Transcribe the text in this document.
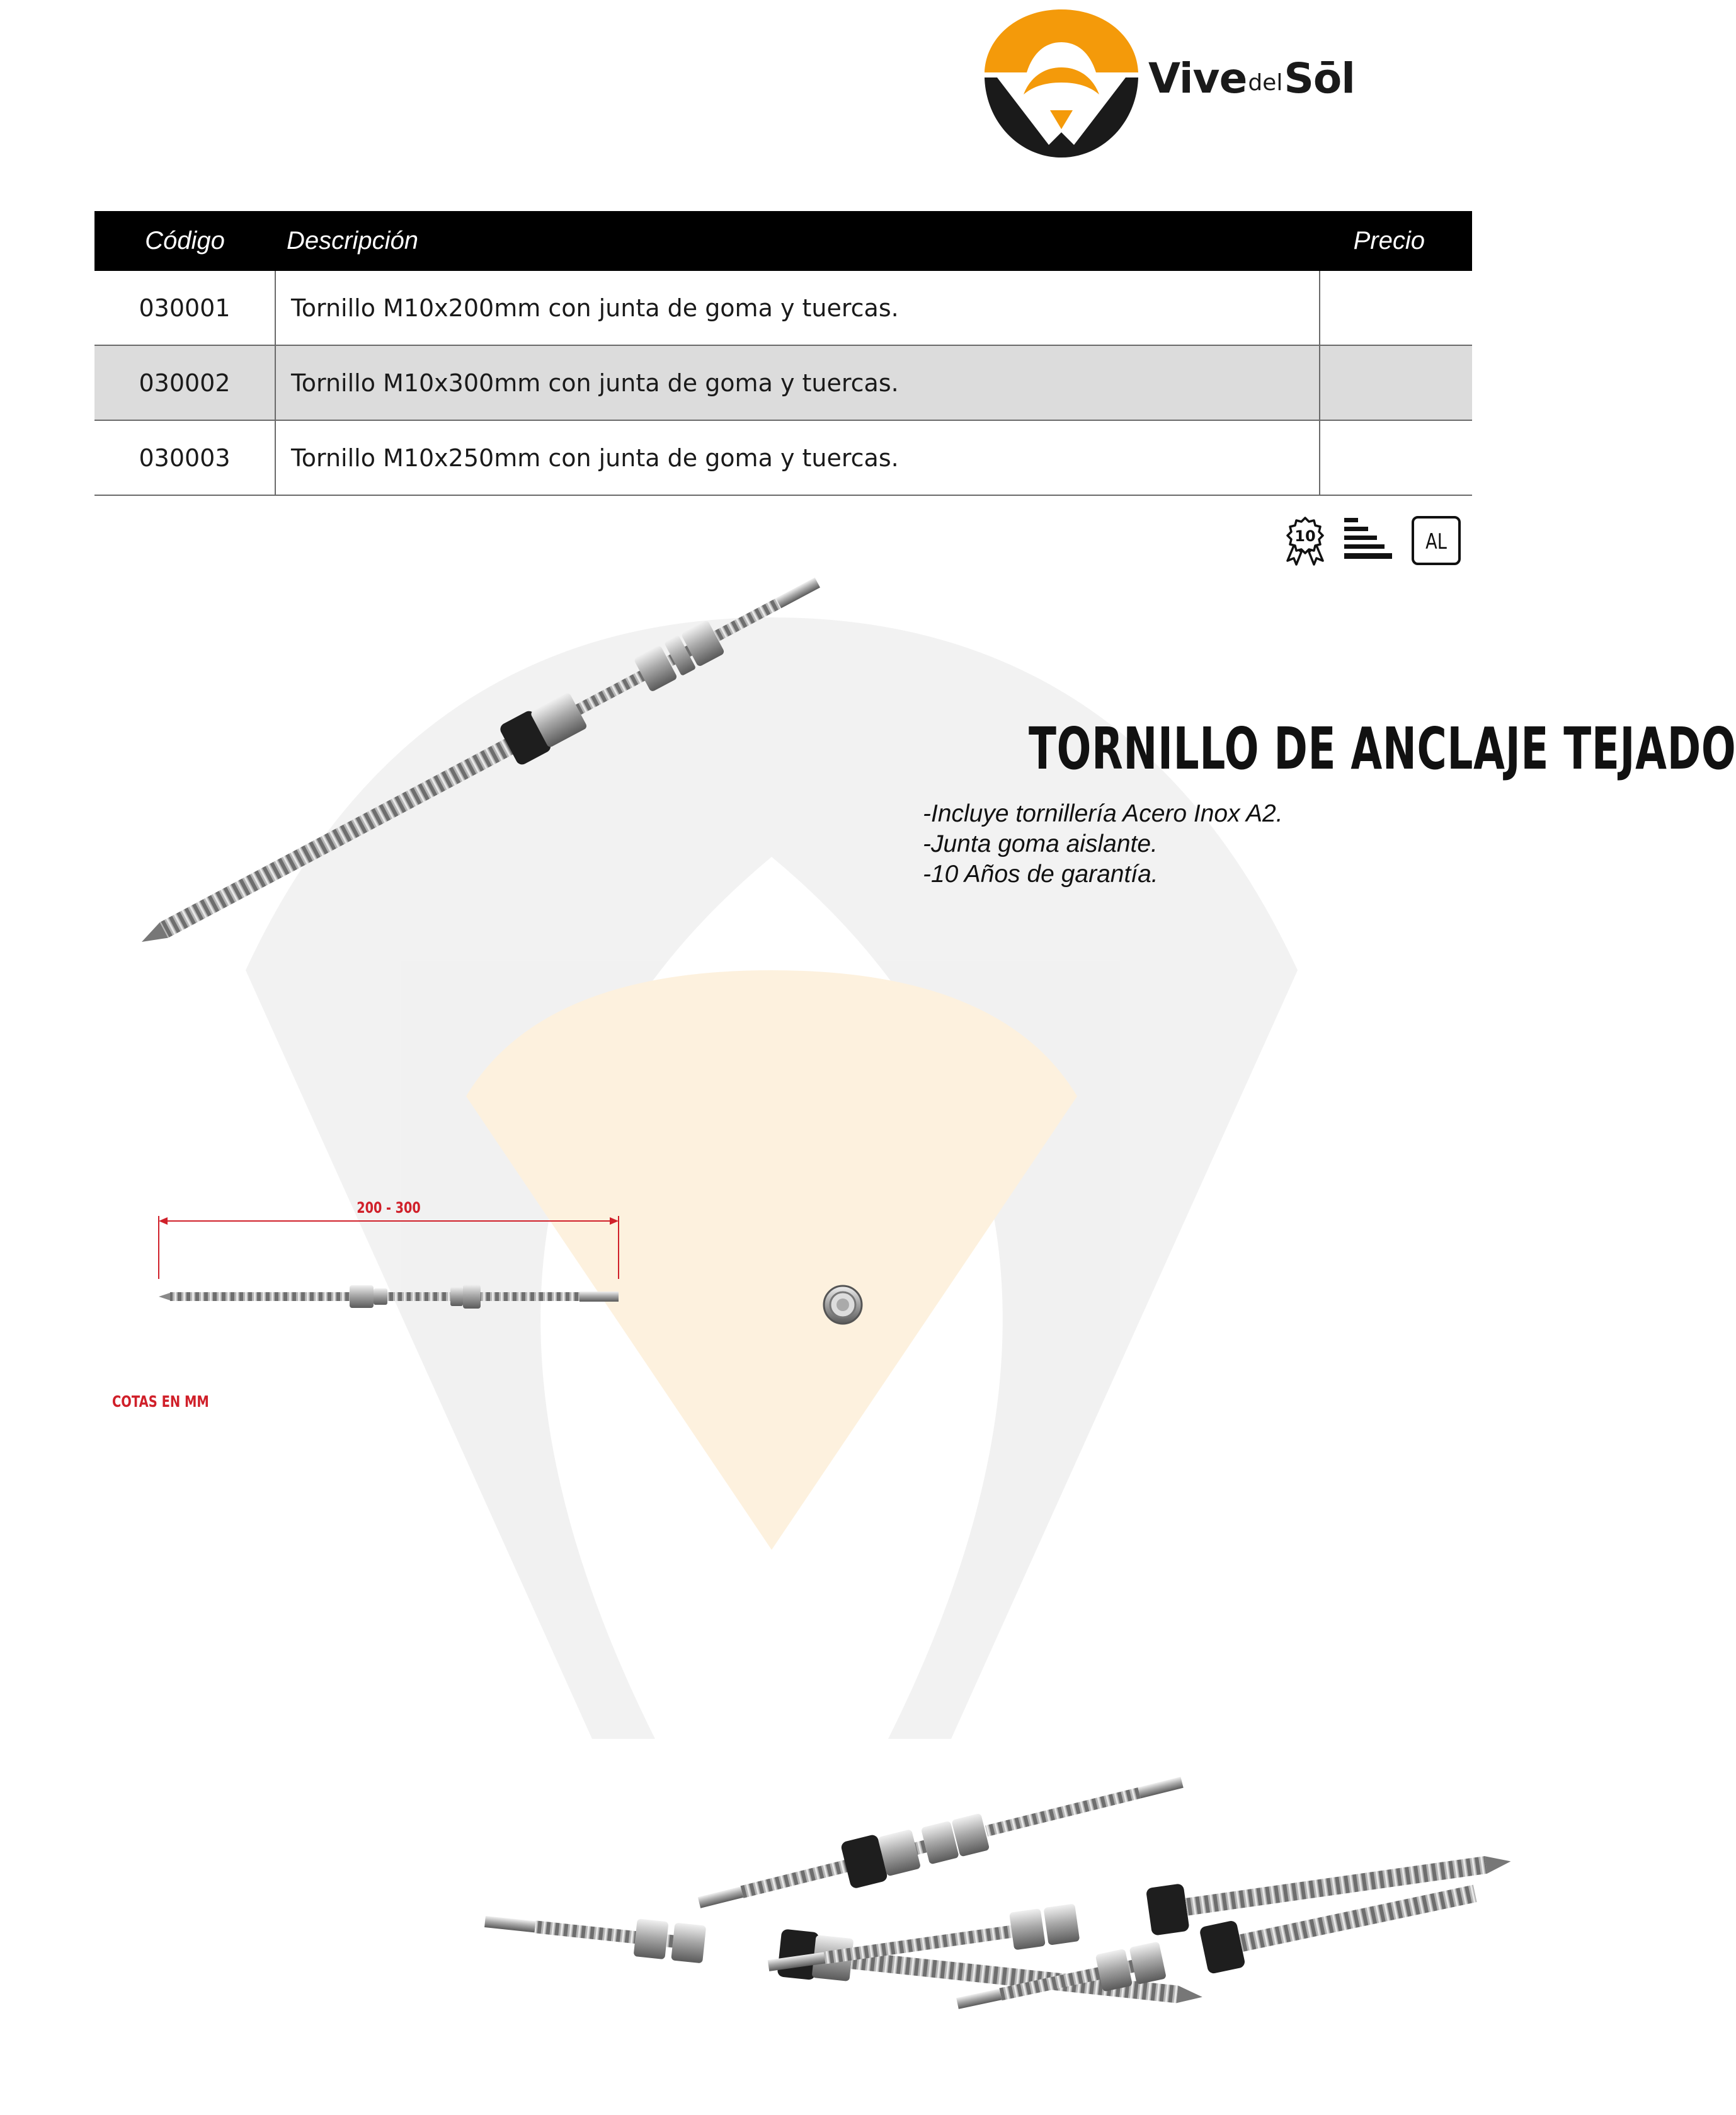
VivedelSōl
Código	Descripción	Precio
030001	Tornillo M10x200mm con junta de goma y tuercas.	
030002	Tornillo M10x300mm con junta de goma y tuercas.	
030003	Tornillo M10x250mm con junta de goma y tuercas.	
10	AL
TORNILLO DE ANCLAJE TEJADO
-Incluye tornillería Acero Inox A2.
-Junta goma aislante.
-10 Años de garantía.
200 - 300
COTAS EN MM
